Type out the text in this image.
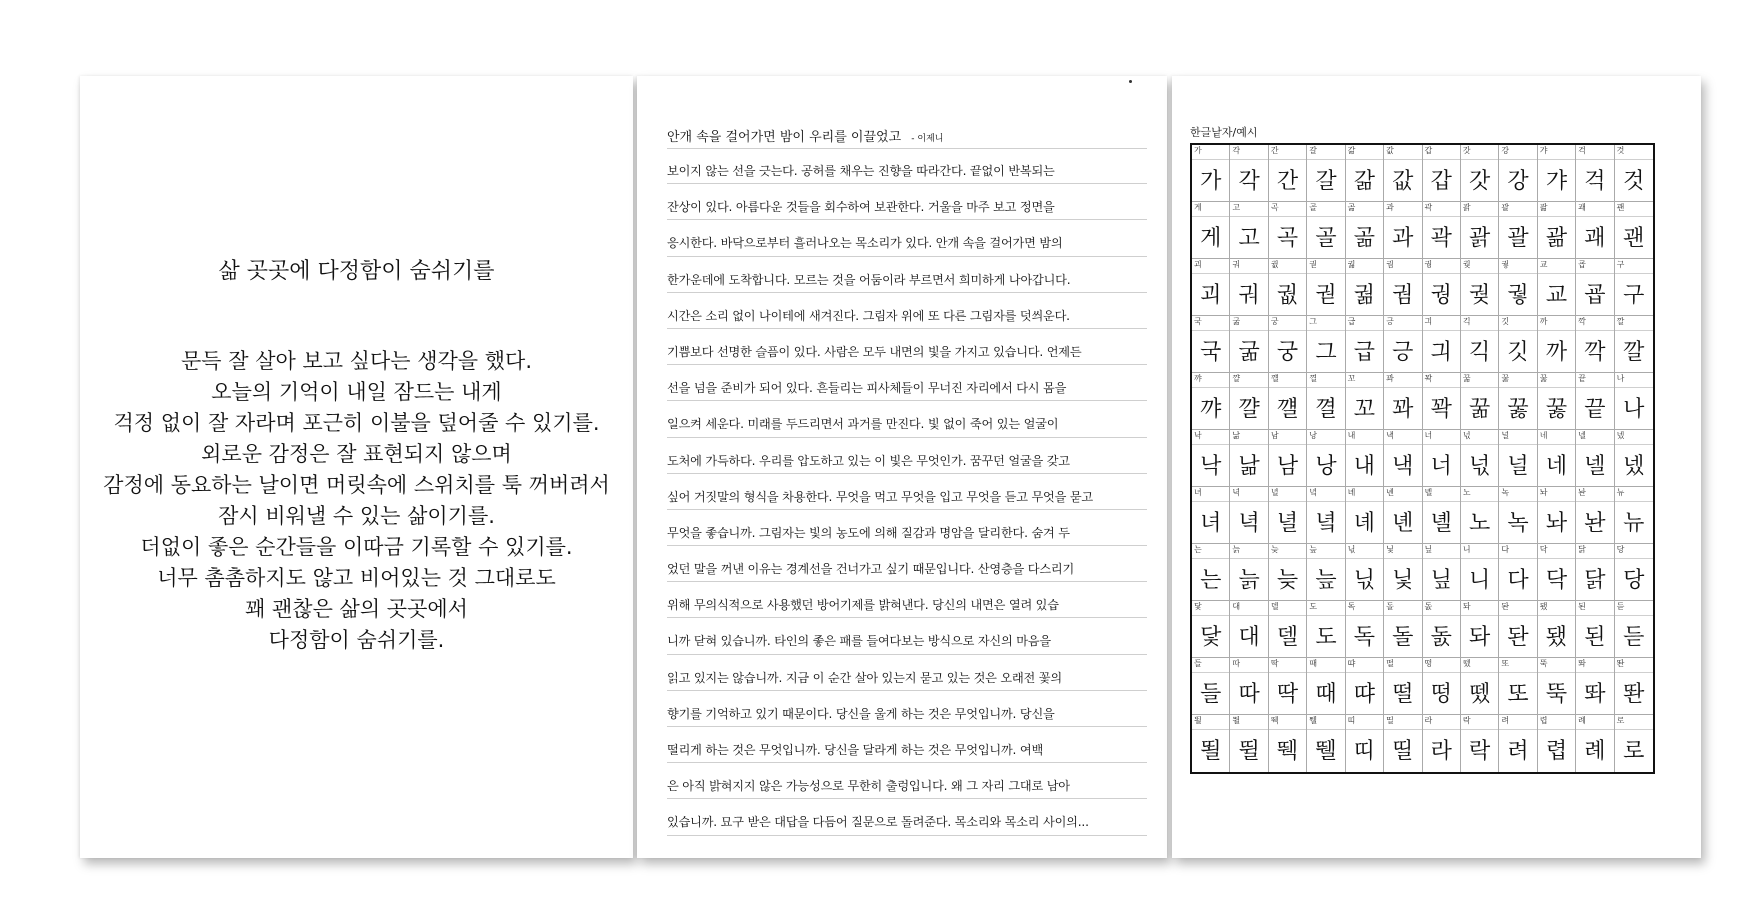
삶 곳곳에 다정함이 숨쉬기를
문득 잘 살아 보고 싶다는 생각을 했다.
오늘의 기억이 내일 잠드는 내게
걱정 없이 잘 자라며 포근히 이불을 덮어줄 수 있기를.
외로운 감정은 잘 표현되지 않으며
감정에 동요하는 날이면 머릿속에 스위치를 툭 꺼버려서
잠시 비워낼 수 있는 삶이기를.
더없이 좋은 순간들을 이따금 기록할 수 있기를.
너무 촘촘하지도 않고 비어있는 것 그대로도
꽤 괜찮은 삶의 곳곳에서
다정함이 숨쉬기를.
안개 속을 걸어가면 밤이 우리를 이끌었고 - 이제니
보이지 않는 선을 긋는다. 공허를 채우는 진향을 따라간다. 끝없이 반복되는
잔상이 있다. 아름다운 것들을 회수하여 보관한다. 거울을 마주 보고 정면을
응시한다. 바닥으로부터 흘러나오는 목소리가 있다. 안개 속을 걸어가면 밤의
한가운데에 도착합니다. 모르는 것을 어둠이라 부르면서 희미하게 나아갑니다.
시간은 소리 없이 나이테에 새겨진다. 그림자 위에 또 다른 그림자를 덧씌운다.
기쁨보다 선명한 슬픔이 있다. 사람은 모두 내면의 빛을 가지고 있습니다. 언제든
선을 넘을 준비가 되어 있다. 흔들리는 피사체들이 무너진 자리에서 다시 몸을
일으켜 세운다. 미래를 두드리면서 과거를 만진다. 빛 없이 죽어 있는 얼굴이
도처에 가득하다. 우리를 압도하고 있는 이 빛은 무엇인가. 꿈꾸던 얼굴을 갖고
싶어 거짓말의 형식을 차용한다. 무엇을 먹고 무엇을 입고 무엇을 듣고 무엇을 묻고
무엇을 좋습니까. 그림자는 빛의 농도에 의해 질감과 명암을 달리한다. 숨겨 두
었던 말을 꺼낸 이유는 경계선을 건너가고 싶기 때문입니다. 산영층을 다스리기
위해 무의식적으로 사용했던 방어기제를 밝혀낸다. 당신의 내면은 열려 있습
니까 닫혀 있습니까. 타인의 좋은 패를 들여다보는 방식으로 자신의 마음을
읽고 있지는 않습니까. 지금 이 순간 살아 있는지 묻고 있는 것은 오래전 꽃의
향기를 기억하고 있기 때문이다. 당신을 울게 하는 것은 무엇입니까. 당신을
떨리게 하는 것은 무엇입니까. 당신을 달라게 하는 것은 무엇입니까. 여백
은 아직 밝혀지지 않은 가능성으로 무한히 출렁입니다. 왜 그 자리 그대로 남아
있습니까. 묘구 받은 대답을 다듬어 질문으로 돌려준다. 목소리와 목소리 사이의...
한글낱자/예시
가
가
각
각
간
간
갈
갈
갊
갊
값
값
갑
갑
갓
갓
강
강
갸
갸
걱
걱
것
것
게
게
고
고
곡
곡
골
골
곪
곪
과
과
곽
곽
괅
괅
괄
괄
괆
괆
괘
괘
괜
괜
괴
괴
궈
궈
궚
궚
궏
궏
궒
궒
궘
궘
궝
궝
궞
궞
궣
궣
교
교
굡
굡
구
구
국
국
굶
굶
궁
궁
그
그
급
급
긍
긍
긔
긔
긱
긱
깃
깃
까
까
깍
깍
깔
깔
꺄
꺄
꺌
꺌
꺨
꺨
껼
껼
꼬
꼬
꽈
꽈
꽉
꽉
꿂
꿂
꿇
꿇
꿇
꿇
끝
끝
나
나
낙
낙
낢
낢
남
남
낭
낭
내
내
낵
낵
너
너
넋
넋
널
널
네
네
넬
넬
넸
넸
녀
녀
녁
녁
녈
녈
녘
녘
녜
녜
녠
녠
녤
녤
노
노
녹
녹
놔
놔
놘
놘
뉴
뉴
는
는
늙
늙
늦
늦
늪
늪
닋
닋
닟
닟
닢
닢
니
니
다
다
닥
닥
닭
닭
당
당
닻
닻
대
대
델
델
도
도
독
독
돌
돌
돐
돐
돠
돠
돤
돤
됐
됐
된
된
듣
듣
들
들
따
따
딱
딱
때
때
땨
땨
떨
떨
떵
떵
뗐
뗐
또
또
뚝
뚝
똬
똬
똰
똰
뙬
뙬
뛸
뛸
뛕
뛕
뛜
뛜
띠
띠
띨
띨
라
라
락
락
려
려
렵
렵
례
례
로
로
